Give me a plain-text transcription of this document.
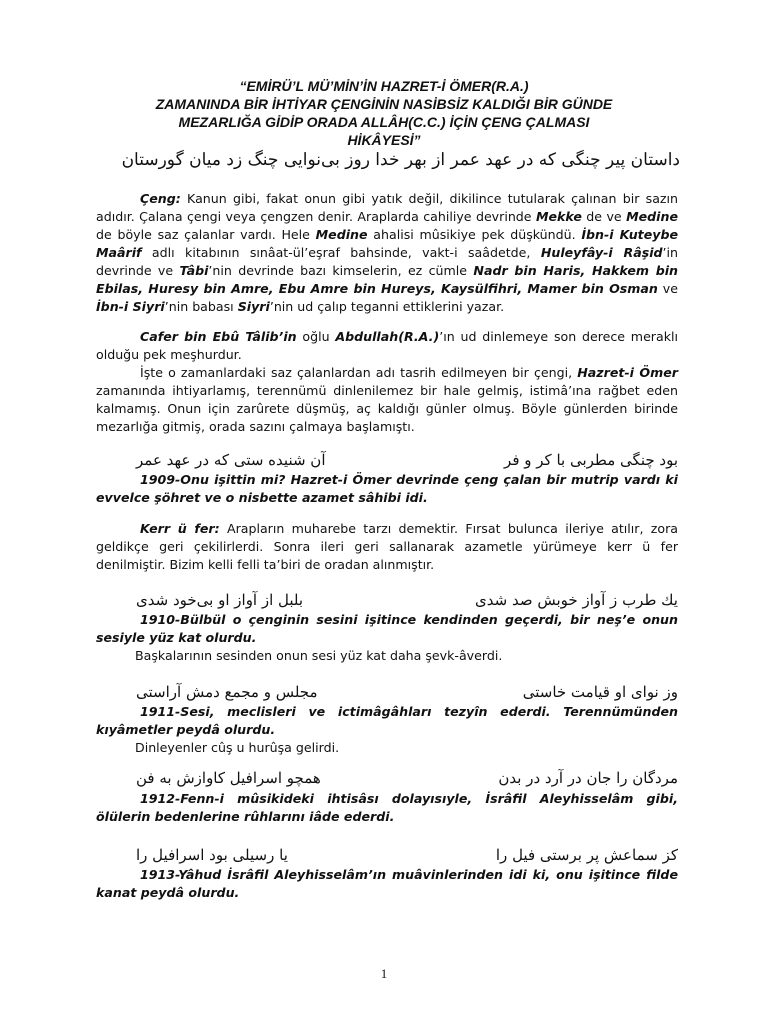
“EMİRÜ’L MÜ’MİN’İN HAZRET-İ ÖMER(R.A.)
ZAMANINDA BİR İHTİYAR ÇENGİNİN NASİBSİZ KALDIĞI BİR GÜNDE
MEZARLIĞA GİDİP ORADA ALLÂH(C.C.) İÇİN ÇENG ÇALMASI
HİKÂYESİ”
داستان پیر چنگی که در عهد عمر از بهر خدا روز بی‌نوایی چنگ زد میان گورستان
Çeng: Kanun gibi, fakat onun gibi yatık değil, dikilince tutularak çalınan bir sazın adıdır. Çalana çengi veya çengzen denir. Araplarda cahiliye devrinde Mekke de ve Medine de böyle saz çalanlar vardı. Hele Medine ahalisi mûsikiye pek düşkündü. İbn-i Kuteybe Maârif adlı kitabının sınâat-ül’eşraf bahsinde, vakt-i saâdetde, Huleyfây-i Râşid’in devrinde ve Tâbi’nin devrinde bazı kimselerin, ez cümle Nadr bin Haris, Hakkem bin Ebilas, Huresy bin Amre, Ebu Amre bin Hureys, Kaysülfihri, Mamer bin Osman ve İbn-i Siyri’nin babası Siyri’nin ud çalıp teganni ettiklerini yazar.
Cafer bin Ebû Tâlib’in oğlu Abdullah(R.A.)’ın ud dinlemeye son derece meraklı olduğu pek meşhurdur.
İşte o zamanlardaki saz çalanlardan adı tasrih edilmeyen bir çengi, Hazret-i Ömer zamanında ihtiyarlamış, terennümü dinlenilemez bir hale gelmiş, istimâ’ına rağbet eden kalmamış. Onun için zarûrete düşmüş, aç kaldığı günler olmuş. Böyle günlerden birinde mezarlığa gitmiş, orada sazını çalmaya başlamıştı.
بود چنگی مطربی با کر و فر
آن شنیده ستی که در عهد عمر
1909-Onu işittin mi? Hazret-i Ömer devrinde çeng çalan bir mutrip vardı ki evvelce şöhret ve o nisbette azamet sâhibi idi.
Kerr ü fer: Arapların muharebe tarzı demektir. Fırsat bulunca ileriye atılır, zora geldikçe geri çekilirlerdi. Sonra ileri geri sallanarak azametle yürümeye kerr ü fer denilmiştir. Bizim kelli felli ta’biri de oradan alınmıştır.
یك طرب ز آواز خوبش صد شدی
بلبل از آواز او بی‌خود شدی
1910-Bülbül o çenginin sesini işitince kendinden geçerdi, bir neş’e onun sesiyle yüz kat olurdu.
Başkalarının sesinden onun sesi yüz kat daha şevk-âverdi.
وز نوای او قیامت خاستی
مجلس و مجمع دمش آراستی
1911-Sesi, meclisleri ve ictimâgâhları tezyîn ederdi. Terennümünden kıyâmetler peydâ olurdu.
Dinleyenler cûş u hurûşa gelirdi.
مردگان را جان در آرد در بدن
همچو اسرافیل کاوازش به فن
1912-Fenn-i mûsikideki ihtisâsı dolayısıyle, İsrâfil Aleyhisselâm gibi, ölülerin bedenlerine rûhlarını iâde ederdi.
کز سماعش پر برستی فیل را
یا رسیلی بود اسرافیل را
1913-Yâhud İsrâfil Aleyhisselâm’ın muâvinlerinden idi ki, onu işitince filde kanat peydâ olurdu.
1
